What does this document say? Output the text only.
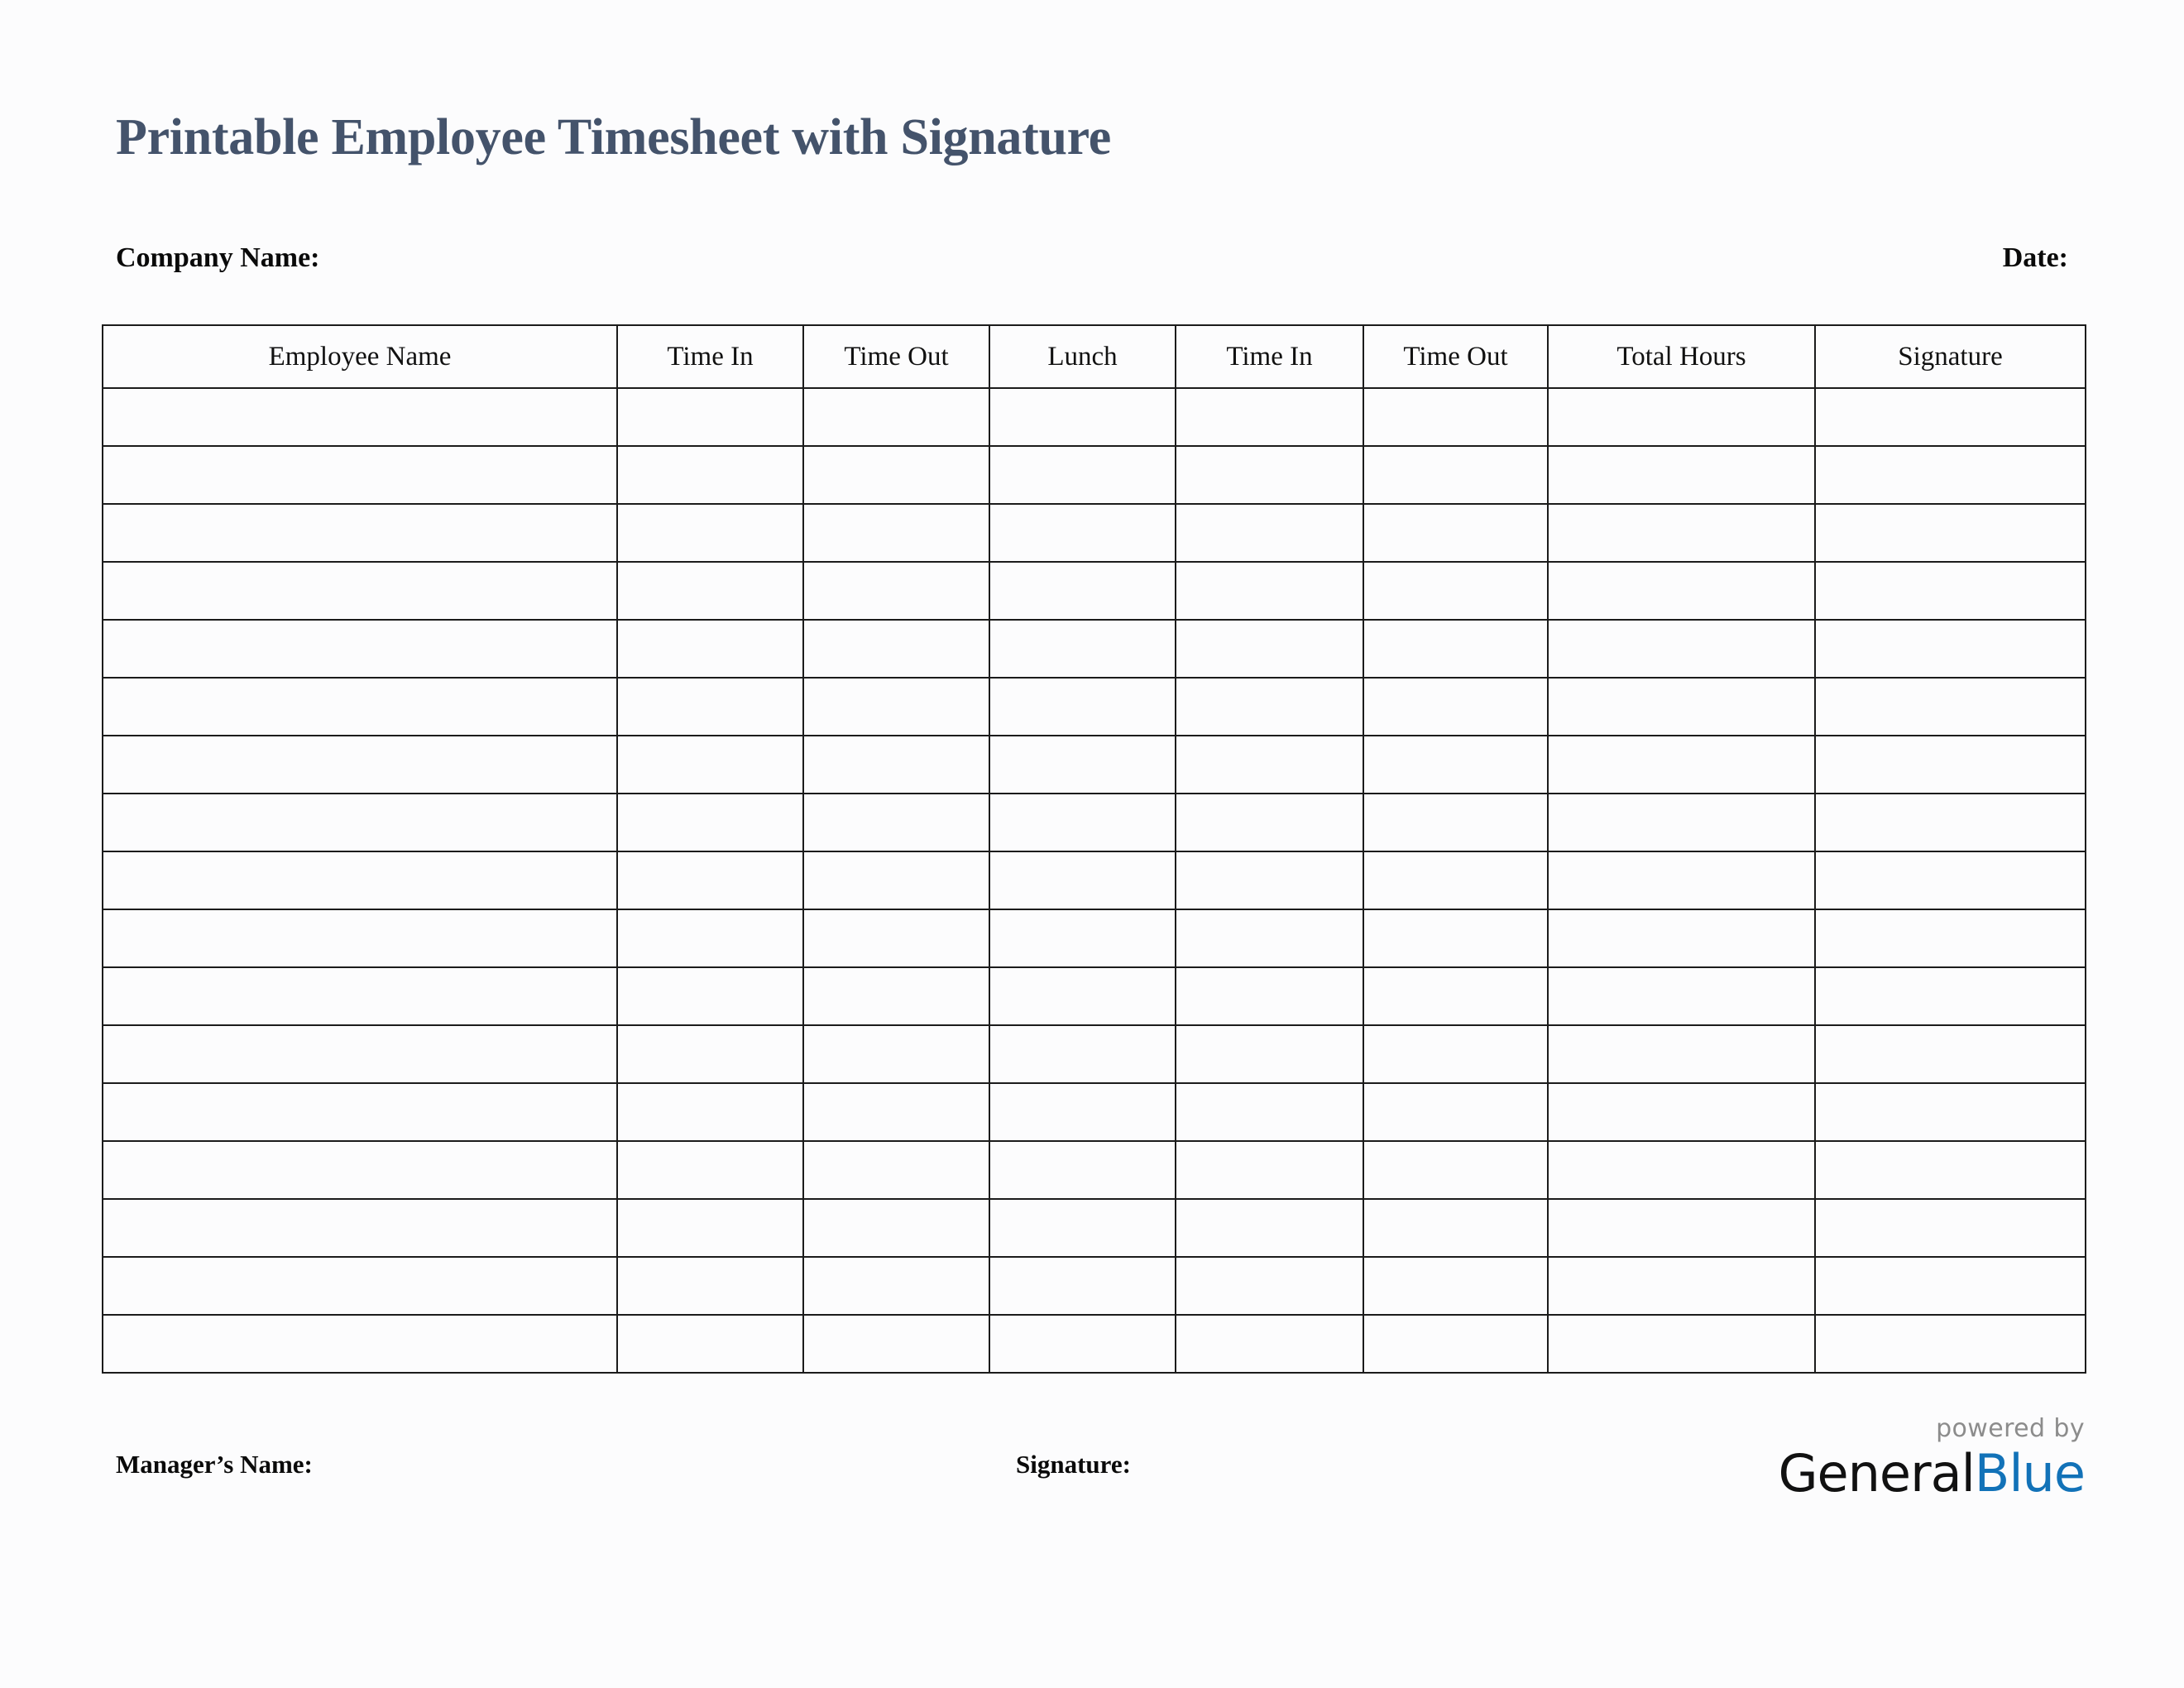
Printable Employee Timesheet with Signature
Company Name:	Date:
Employee Name	Time In	Time Out	Lunch	Time In	Time Out	Total Hours	Signature

Manager’s Name:	Signature:
powered by
GeneralBlue
